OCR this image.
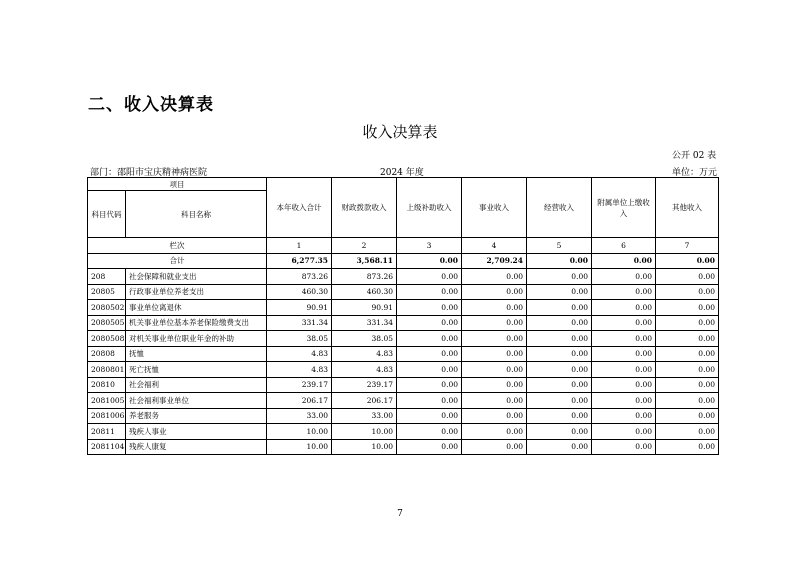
二、收入决算表
收入决算表
公开 02 表
部门：邵阳市宝庆精神病医院	2024 年度	单位：万元
项目		本年收入合计	财政拨款收入	上级补助收入	事业收入	经营收入	附属单位上缴收入	其他收入
科目代码	科目名称							
栏次		1	2	3	4	5	6	7
合计		6,277.35	3,568.11	0.00	2,709.24	0.00	0.00	0.00
208	社会保障和就业支出	873.26	873.26	0.00	0.00	0.00	0.00	0.00
20805	行政事业单位养老支出	460.30	460.30	0.00	0.00	0.00	0.00	0.00
2080502	事业单位离退休	90.91	90.91	0.00	0.00	0.00	0.00	0.00
2080505	机关事业单位基本养老保险缴费支出	331.34	331.34	0.00	0.00	0.00	0.00	0.00
2080508	对机关事业单位职业年金的补助	38.05	38.05	0.00	0.00	0.00	0.00	0.00
20808	抚恤	4.83	4.83	0.00	0.00	0.00	0.00	0.00
2080801	死亡抚恤	4.83	4.83	0.00	0.00	0.00	0.00	0.00
20810	社会福利	239.17	239.17	0.00	0.00	0.00	0.00	0.00
2081005	社会福利事业单位	206.17	206.17	0.00	0.00	0.00	0.00	0.00
2081006	养老服务	33.00	33.00	0.00	0.00	0.00	0.00	0.00
20811	残疾人事业	10.00	10.00	0.00	0.00	0.00	0.00	0.00
2081104	残疾人康复	10.00	10.00	0.00	0.00	0.00	0.00	0.00
7
